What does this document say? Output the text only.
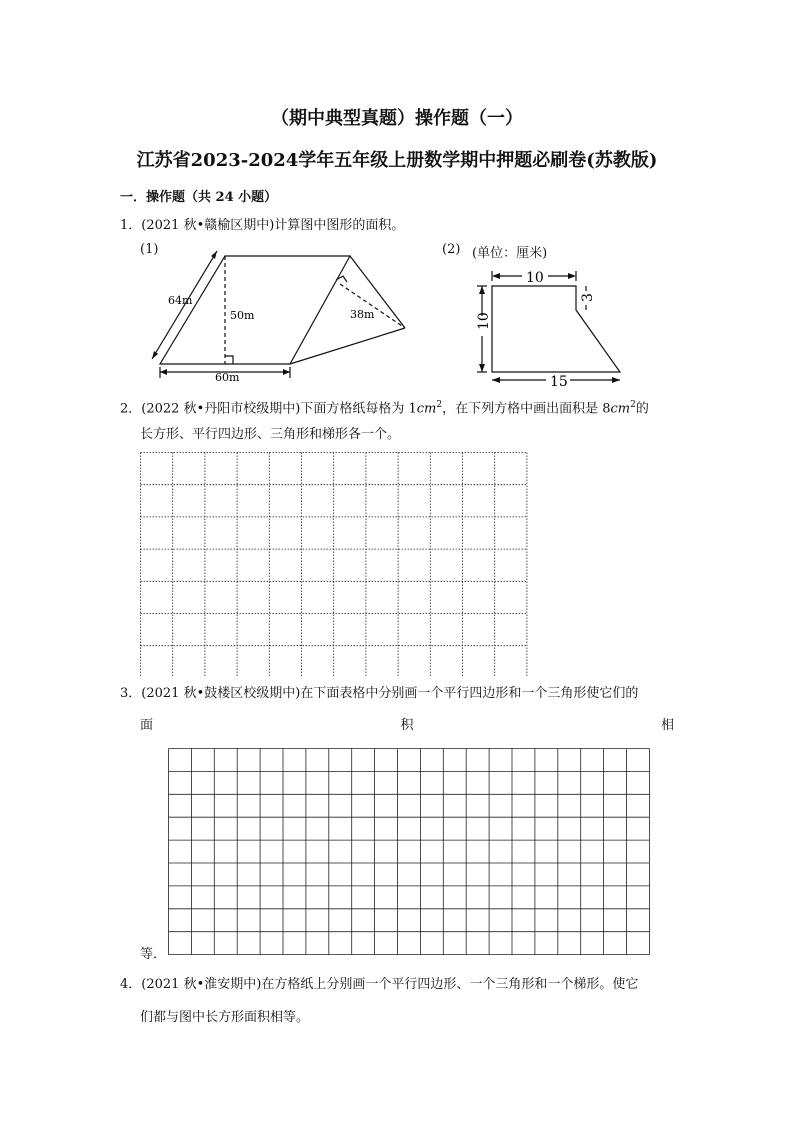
（期中典型真题）操作题（一）
江苏省2023-2024学年五年级上册数学期中押题必刷卷(苏教版)
一．操作题（共 24 小题）
1．(2021 秋•赣榆区期中)计算图中图形的面积。
(1)
64m
50m	38m
60m
(2) (单位：厘米)
10
10
3
15
2．(2022 秋•丹阳市校级期中)下面方格纸每格为 $1cm^2$，在下列方格中画出面积是 $8cm^2$的
长方形、平行四边形、三角形和梯形各一个。
3．(2021 秋•鼓楼区校级期中)在下面表格中分别画一个平行四边形和一个三角形使它们的
面	积	相
等．
4．(2021 秋•淮安期中)在方格纸上分别画一个平行四边形、一个三角形和一个梯形。使它
们都与图中长方形面积相等。
